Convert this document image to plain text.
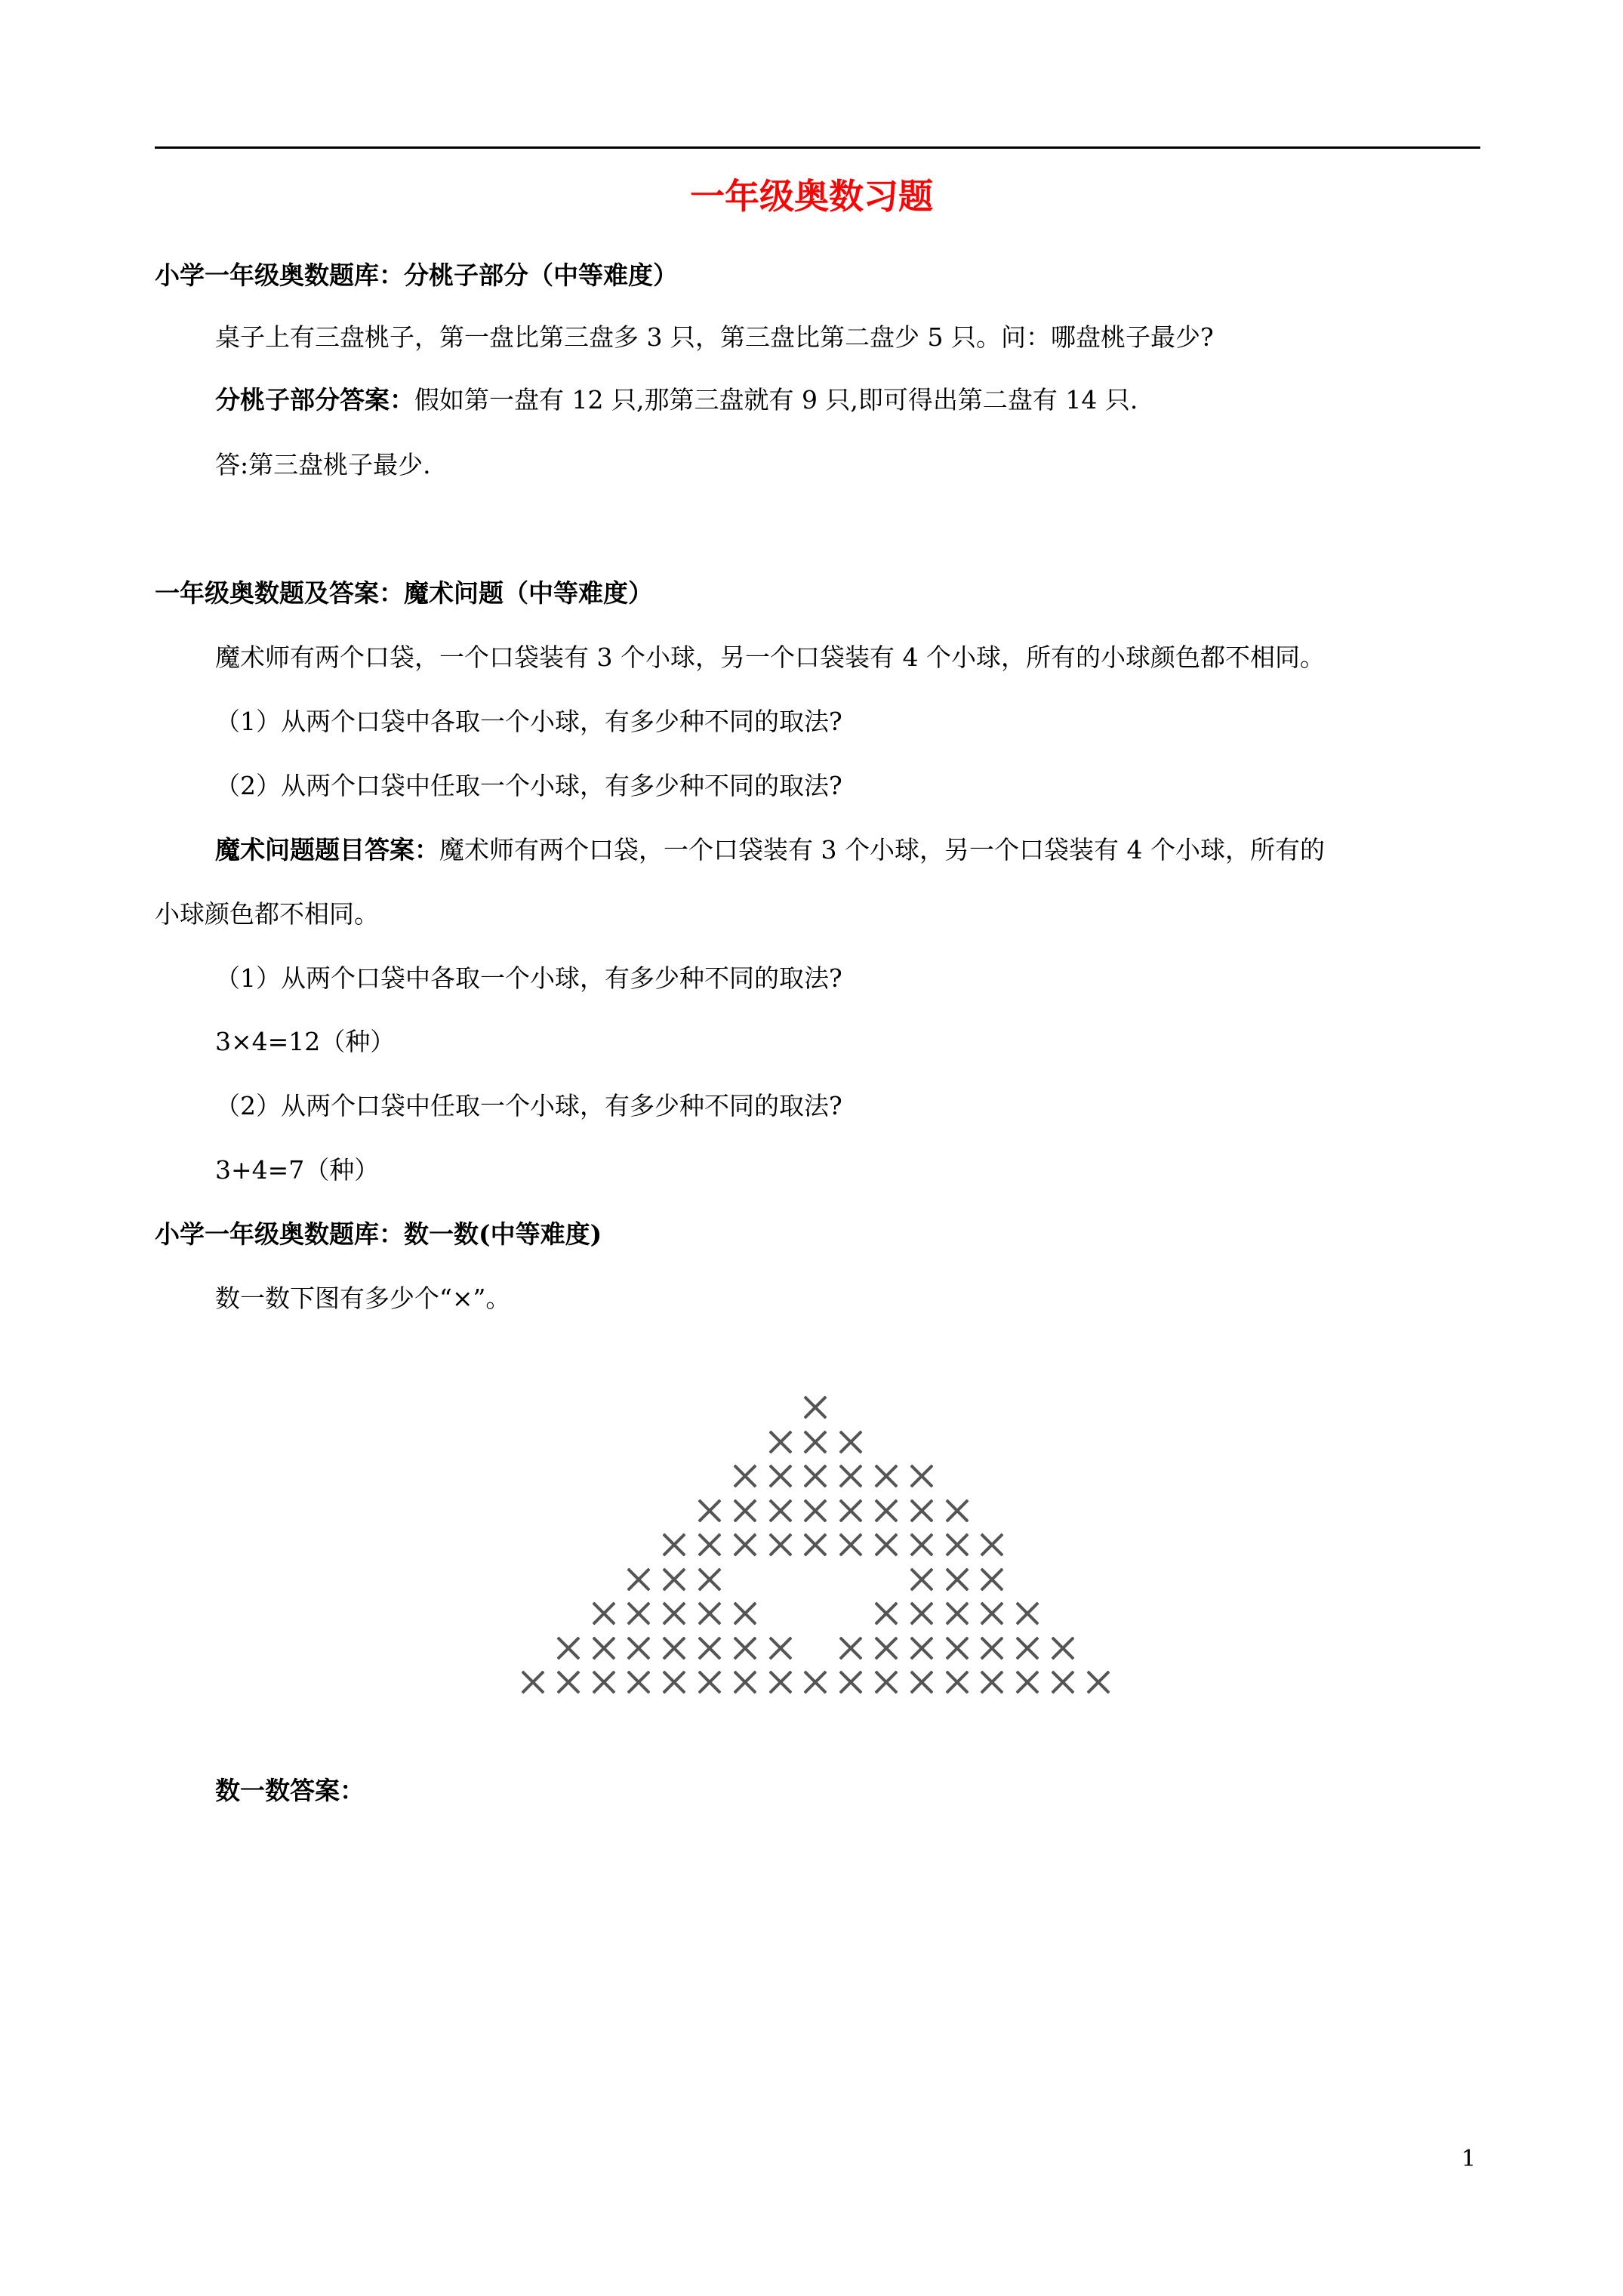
一年级奥数习题
小学一年级奥数题库：分桃子部分（中等难度）
桌子上有三盘桃子，第一盘比第三盘多 3 只，第三盘比第二盘少 5 只。问：哪盘桃子最少?
分桃子部分答案：假如第一盘有 12 只,那第三盘就有 9 只,即可得出第二盘有 14 只.
答:第三盘桃子最少.
一年级奥数题及答案：魔术问题（中等难度）
魔术师有两个口袋，一个口袋装有 3 个小球，另一个口袋装有 4 个小球，所有的小球颜色都不相同。
（1）从两个口袋中各取一个小球，有多少种不同的取法?
（2）从两个口袋中任取一个小球，有多少种不同的取法?
魔术问题题目答案：魔术师有两个口袋，一个口袋装有 3 个小球，另一个口袋装有 4 个小球，所有的
小球颜色都不相同。
（1）从两个口袋中各取一个小球，有多少种不同的取法?
3×4=12（种）
（2）从两个口袋中任取一个小球，有多少种不同的取法?
3+4=7（种）
小学一年级奥数题库：数一数(中等难度)
数一数下图有多少个“×”。
数一数答案：
1
